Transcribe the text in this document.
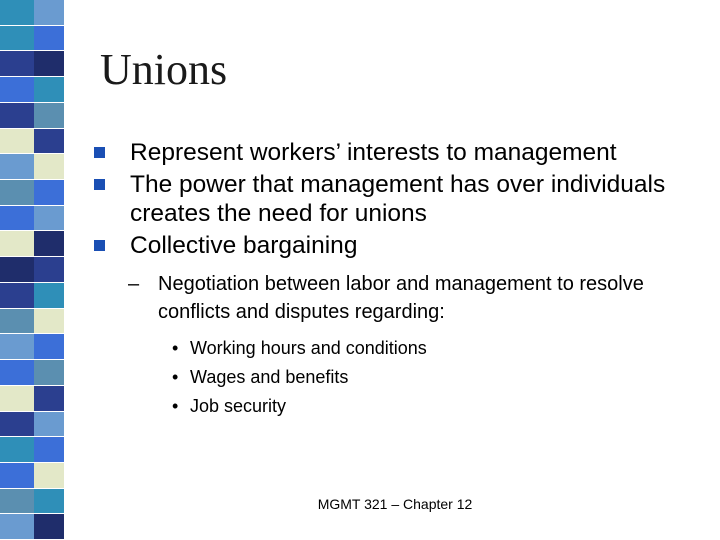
Unions
Represent workers’ interests to management
The power that management has over individuals creates the need for unions
Collective bargaining
– Negotiation between labor and management to resolve conflicts and disputes regarding:
• Working hours and conditions
• Wages and benefits
• Job security
MGMT 321 – Chapter 12
